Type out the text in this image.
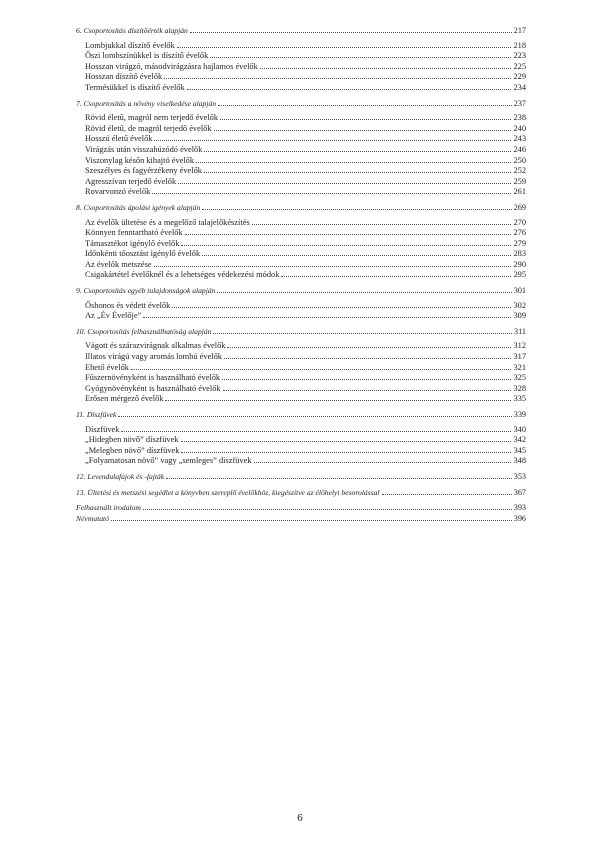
6. Csoportosítás díszítőérték alapján	217
Lombjukkal díszítő évelők	218
Őszi lombszínükkel is díszítő évelők	223
Hosszan virágzó, másodvirágzásra hajlamos évelők	225
Hosszan díszítő évelők	229
Termésükkel is díszítő évelők	234
7. Csoportosítás a növény viselkedése alapján	237
Rövid életű, magról nem terjedő évelők	238
Rövid életű, de magról terjedő évelők	240
Hosszú életű évelők	243
Virágzás után visszahúzódó évelők	246
Viszonylag későn kihajtó évelők	250
Szeszélyes és fagyérzékeny évelők	252
Agresszívan terjedő évelők	259
Rovarvonzó évelők	261
8. Csoportosítás ápolási igények alapján	269
Az évelők ültetése és a megelőző talajelőkészítés	270
Könnyen fenntartható évelők	276
Támasztékot igénylő évelők	279
Időnkénti tőosztást igénylő évelők	283
Az évelők metszése	290
Csigakártétel évelőknél és a lehetséges védekezési módok	295
9. Csoportosítás egyéb tulajdonságok alapján	301
Őshonos és védett évelők	302
Az „Év Évelője”	309
10. Csoportosítás felhasználhatóság alapján	311
Vágott és szárazvirágnak alkalmas évelők	312
Illatos virágú vagy aromás lombú évelők	317
Ehető évelők	321
Fűszernövényként is használható évelők	325
Gyógynövényként is használható évelők	328
Erősen mérgező évelők	335
11. Díszfüvek	339
Díszfüvek	340
„Hidegben növő” díszfüvek	342
„Melegben növő” díszfüvek	345
„Folyamatosan növő” vagy „semleges” díszfüvek	348
12. Levendulafajok és -fajták	353
13. Ültetési és metszési segédlet a könyvben szereplő évelőkhöz, kiegészítve az élőhelyi besorolással	367
Felhasznált irodalom	393
Névmutató	396
6
